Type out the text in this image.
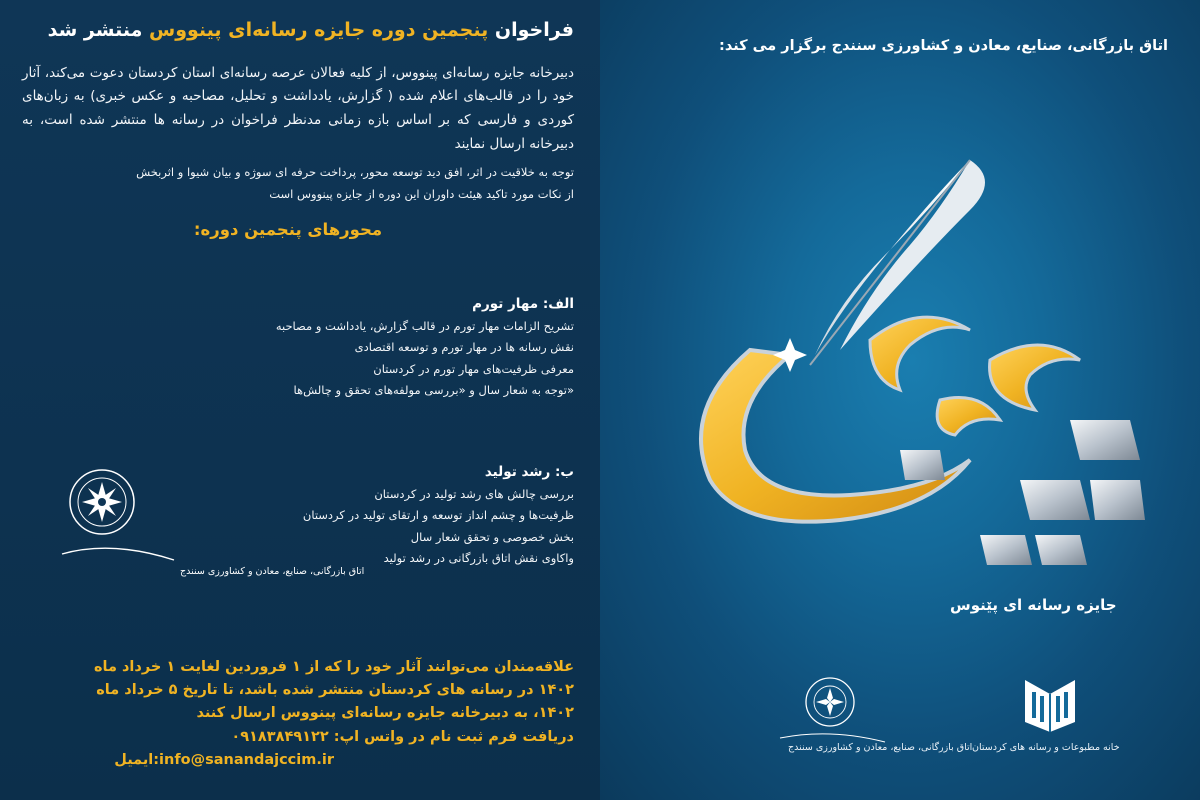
فراخوان پنجمین دوره جایزه رسانه‌ای پینووس منتشر شد

دبیرخانه جایزه رسانه‌ای پینووس، از کلیه فعالان عرصه رسانه‌ای استان کردستان دعوت می‌کند، آثار خود را در قالب‌های اعلام شده ( گزارش، یادداشت و تحلیل، مصاحبه و عکس خبری) به زبان‌های کوردی و فارسی که بر اساس بازه زمانی مدنظر فراخوان در رسانه ها منتشر شده است، به دبیرخانه ارسال نمایند

توجه به خلاقیت در اثر، افق دید توسعه محور، پرداخت حرفه ای سوژه و بیان شیوا و اثربخش
از نکات مورد تاکید هیئت داوران این دوره از جایزه پینووس است

محورهای پنجمین دوره:
الف: مهار تورم
تشریح الزامات مهار تورم در قالب گزارش، یادداشت و مصاحبه
نقش رسانه ها در مهار تورم و توسعه اقتصادی
معرفی ظرفیت‌های مهار تورم در کردستان
«توجه به شعار سال و «بررسی مولفه‌های تحقق و چالش‌ها
ب: رشد تولید
بررسی چالش های رشد تولید در کردستان
ظرفیت‌ها و چشم انداز توسعه و ارتقای تولید در کردستان
بخش خصوصی و تحقق شعار سال
واکاوی نقش اتاق بازرگانی در رشد تولید
اتاق بازرگانی، صنایع، معادن و کشاورزی سنندج
علاقه‌مندان می‌توانند آثار خود را که از ۱ فروردین لغایت ۱ خرداد ماه
۱۴۰۲ در رسانه های کردستان منتشر شده باشد، تا تاریخ ۵ خرداد ماه
۱۴۰۲، به دبیرخانه جایزه رسانه‌ای پینووس ارسال کنند
دریافت فرم ثبت نام در واتس اپ: ۰۹۱۸۳۸۴۹۱۲۲
info@sanandajccim.ir:ایمیل
اتاق بازرگانی، صنایع، معادن و کشاورزی سنندج برگزار می کند:
پینوس
جایزه رسانه ای پێنوس
اتاق بازرگانی، صنایع، معادن و کشاورزی سنندج خانه مطبوعات و رسانه های کردستان
